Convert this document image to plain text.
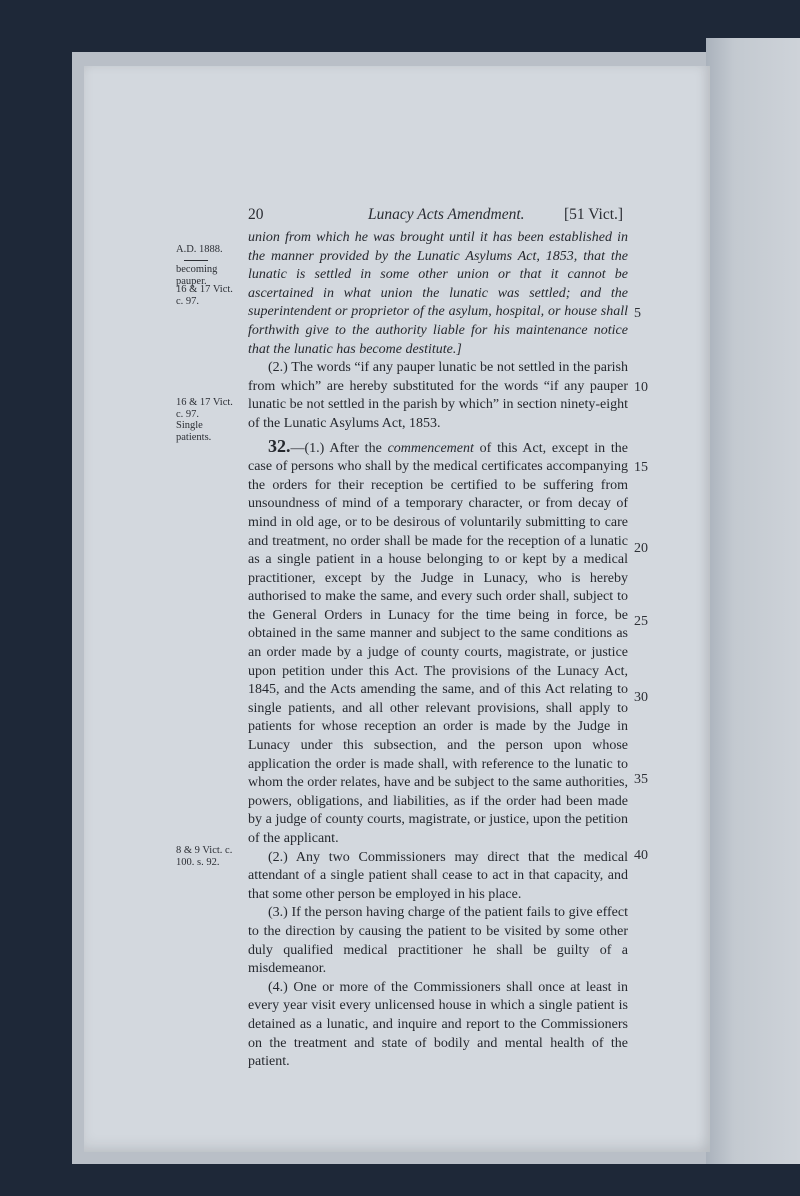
20	Lunacy Acts Amendment.	[51 Vict.]
A.D. 1888.
becoming pauper.
16 & 17 Vict. c. 97.
16 & 17 Vict. c. 97.
Single patients.
8 & 9 Vict. c. 100. s. 92.

union from which he was brought until it has been established in the manner provided by the Lunatic Asylums Act, 1853, that the lunatic is settled in some other union or that it cannot be ascertained in what union the lunatic was settled; and the superintendent or proprietor of the asylum, hospital, or house shall forthwith give to the authority liable for his maintenance notice that the lunatic has become destitute.]

(2.) The words “if any pauper lunatic be not settled in the parish from which” are hereby substituted for the words “if any pauper lunatic be not settled in the parish by which” in section ninety-eight of the Lunatic Asylums Act, 1853.

32.—(1.) After the commencement of this Act, except in the case of persons who shall by the medical certificates accompanying the orders for their reception be certified to be suffering from unsoundness of mind of a temporary character, or from decay of mind in old age, or to be desirous of voluntarily submitting to care and treatment, no order shall be made for the reception of a lunatic as a single patient in a house belonging to or kept by a medical practitioner, except by the Judge in Lunacy, who is hereby authorised to make the same, and every such order shall, subject to the General Orders in Lunacy for the time being in force, be obtained in the same manner and subject to the same conditions as an order made by a judge of county courts, magistrate, or justice upon petition under this Act. The provisions of the Lunacy Act, 1845, and the Acts amending the same, and of this Act relating to single patients, and all other relevant provisions, shall apply to patients for whose reception an order is made by the Judge in Lunacy under this subsection, and the person upon whose application the order is made shall, with reference to the lunatic to whom the order relates, have and be subject to the same authorities, powers, obligations, and liabilities, as if the order had been made by a judge of county courts, magistrate, or justice, upon the petition of the applicant.

(2.) Any two Commissioners may direct that the medical attendant of a single patient shall cease to act in that capacity, and that some other person be employed in his place.

(3.) If the person having charge of the patient fails to give effect to the direction by causing the patient to be visited by some other duly qualified medical practitioner he shall be guilty of a misdemeanor.

(4.) One or more of the Commissioners shall once at least in every year visit every unlicensed house in which a single patient is detained as a lunatic, and inquire and report to the Commissioners on the treatment and state of bodily and mental health of the patient.

5
10
15
20
25
30
35
40
